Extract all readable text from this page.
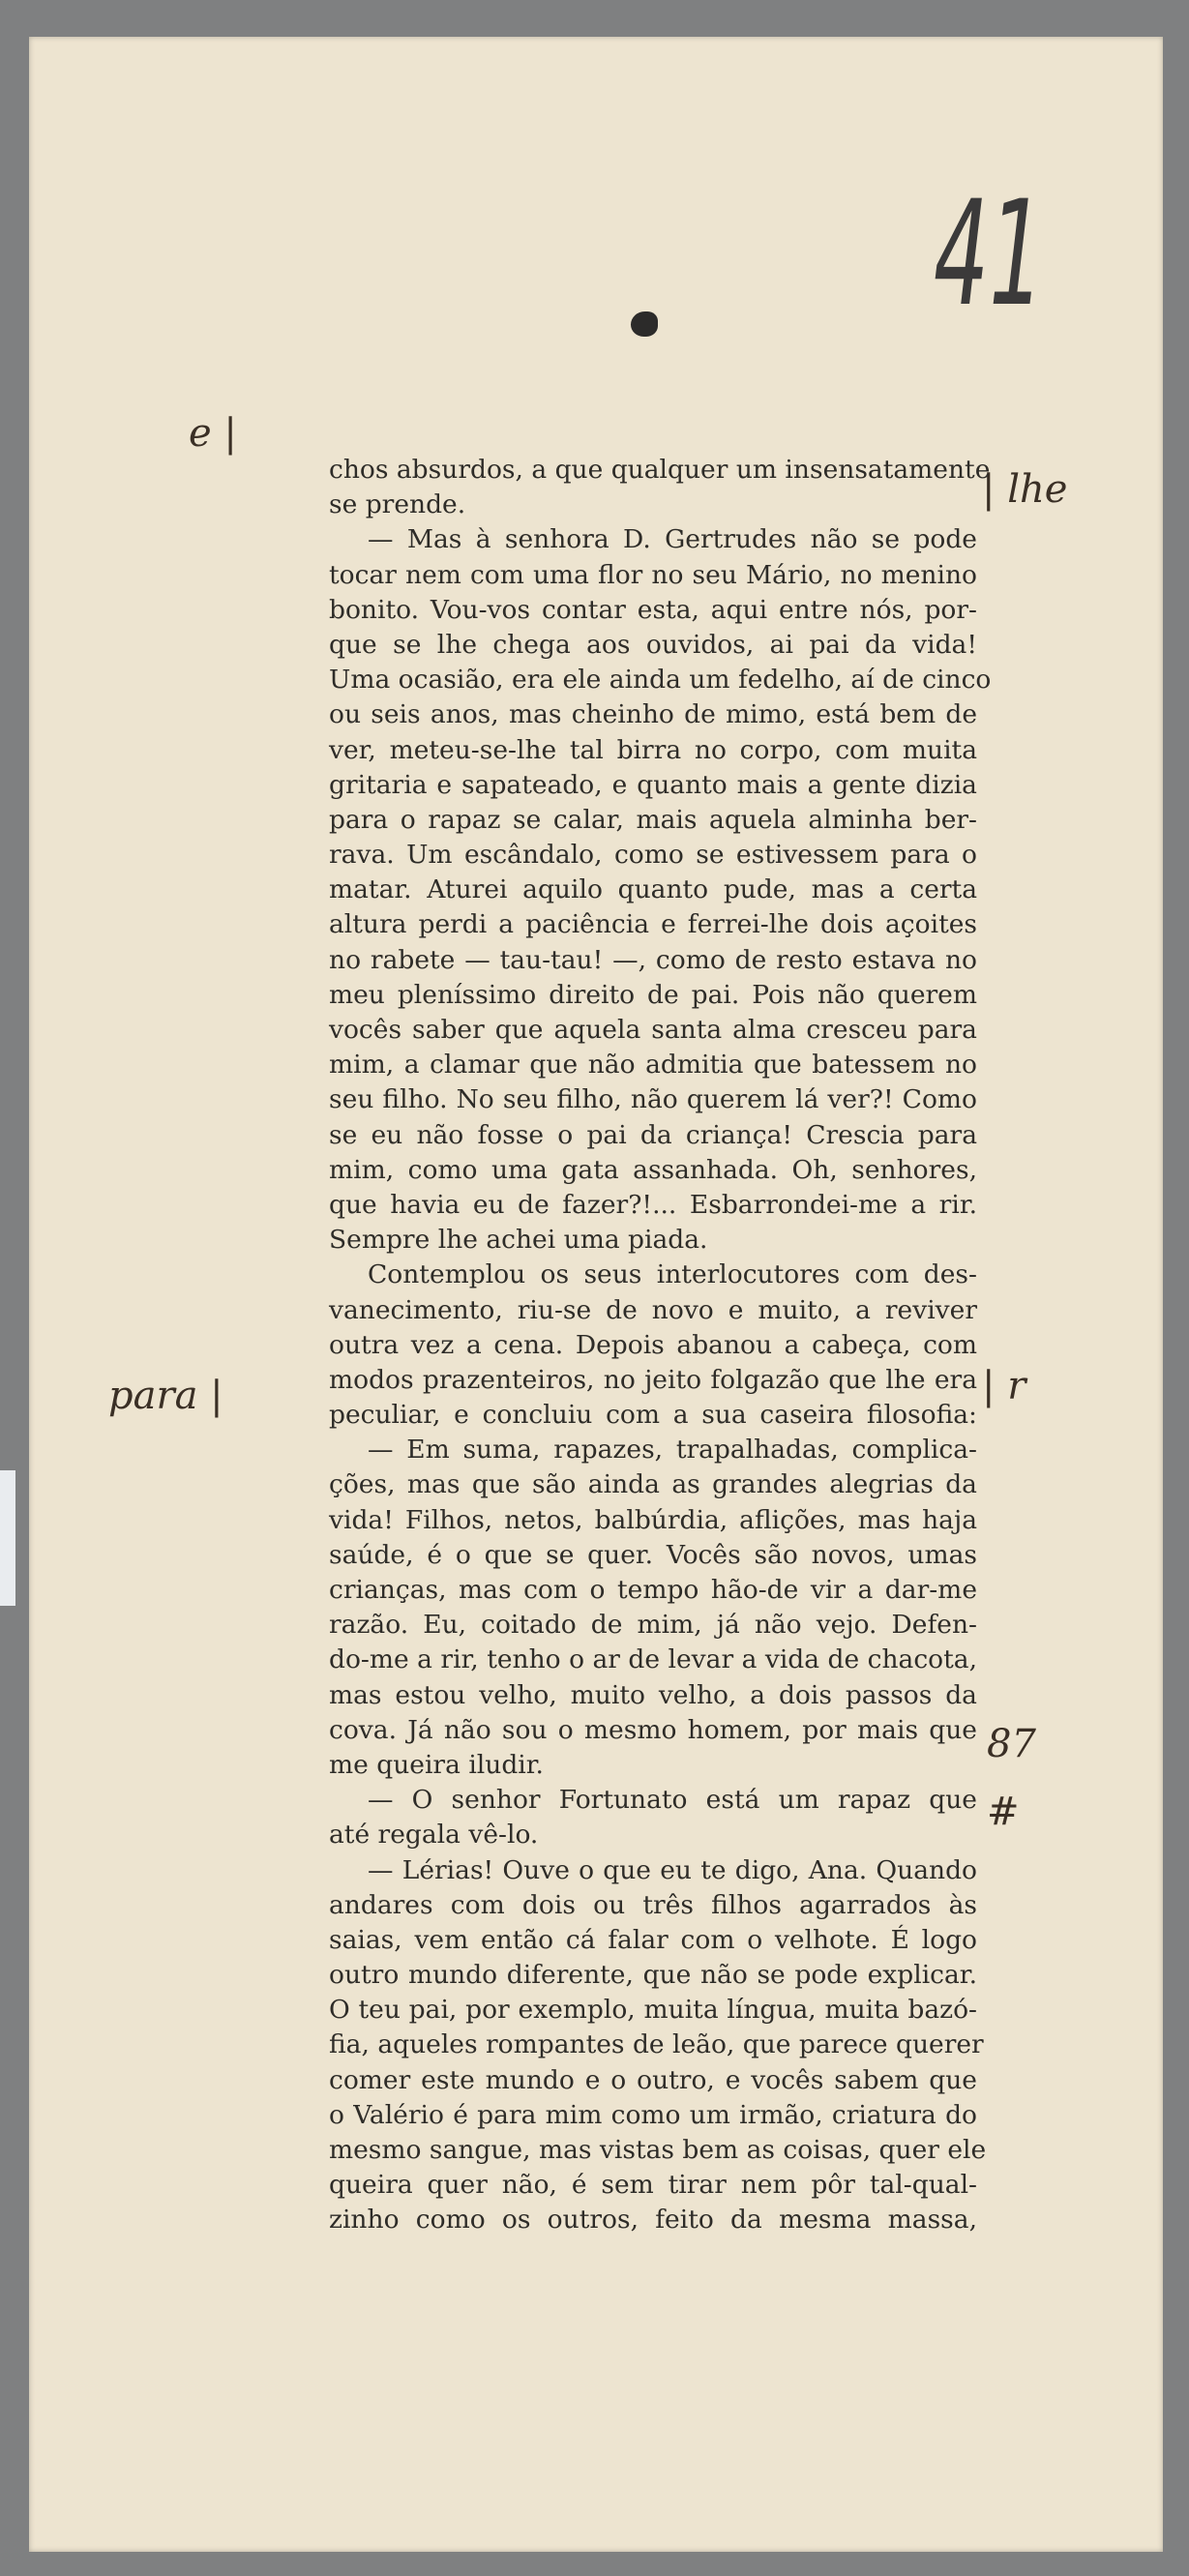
41
e |
para |
| lhe
| r
87
#
chos absurdos, a que qualquer um insensatamente
se prende.
— Mas à senhora D. Gertrudes não se pode
tocar nem com uma flor no seu Mário, no menino
bonito. Vou-vos contar esta, aqui entre nós, por-
que se lhe chega aos ouvidos, ai pai da vida!
Uma ocasião, era ele ainda um fedelho, aí de cinco
ou seis anos, mas cheinho de mimo, está bem de
ver, meteu-se-lhe tal birra no corpo, com muita
gritaria e sapateado, e quanto mais a gente dizia
para o rapaz se calar, mais aquela alminha ber-
rava. Um escândalo, como se estivessem para o
matar. Aturei aquilo quanto pude, mas a certa
altura perdi a paciência e ferrei-lhe dois açoites
no rabete — tau-tau! —, como de resto estava no
meu pleníssimo direito de pai. Pois não querem
vocês saber que aquela santa alma cresceu para
mim, a clamar que não admitia que batessem no
seu filho. No seu filho, não querem lá ver?! Como
se eu não fosse o pai da criança! Crescia para
mim, como uma gata assanhada. Oh, senhores,
que havia eu de fazer?!... Esbarrondei-me a rir.
Sempre lhe achei uma piada.
Contemplou os seus interlocutores com des-
vanecimento, riu-se de novo e muito, a reviver
outra vez a cena. Depois abanou a cabeça, com
modos prazenteiros, no jeito folgazão que lhe era
peculiar, e concluiu com a sua caseira filosofia:
— Em suma, rapazes, trapalhadas, complica-
ções, mas que são ainda as grandes alegrias da
vida! Filhos, netos, balbúrdia, aflições, mas haja
saúde, é o que se quer. Vocês são novos, umas
crianças, mas com o tempo hão-de vir a dar-me
razão. Eu, coitado de mim, já não vejo. Defen-
do-me a rir, tenho o ar de levar a vida de chacota,
mas estou velho, muito velho, a dois passos da
cova. Já não sou o mesmo homem, por mais que
me queira iludir.
— O senhor Fortunato está um rapaz que
até regala vê-lo.
— Lérias! Ouve o que eu te digo, Ana. Quando
andares com dois ou três filhos agarrados às
saias, vem então cá falar com o velhote. É logo
outro mundo diferente, que não se pode explicar.
O teu pai, por exemplo, muita língua, muita bazó-
fia, aqueles rompantes de leão, que parece querer
comer este mundo e o outro, e vocês sabem que
o Valério é para mim como um irmão, criatura do
mesmo sangue, mas vistas bem as coisas, quer ele
queira quer não, é sem tirar nem pôr tal-qual-
zinho como os outros, feito da mesma massa,
